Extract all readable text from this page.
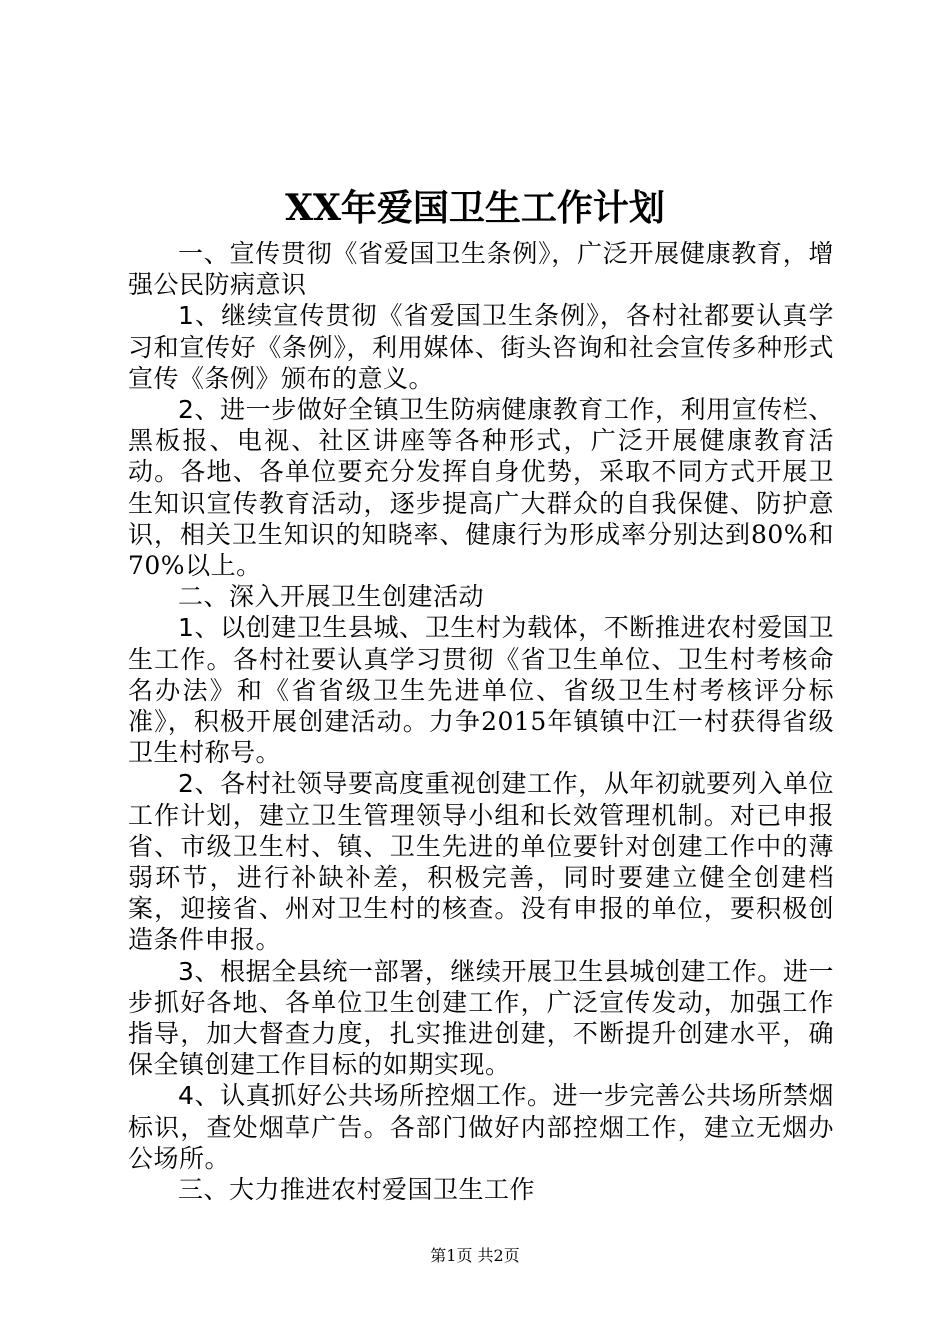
XX年爱国卫生工作计划

一、宣传贯彻《省爱国卫生条例》，广泛开展健康教育，增强公民防病意识

1、继续宣传贯彻《省爱国卫生条例》，各村社都要认真学习和宣传好《条例》，利用媒体、街头咨询和社会宣传多种形式宣传《条例》颁布的意义。

2、进一步做好全镇卫生防病健康教育工作，利用宣传栏、黑板报、电视、社区讲座等各种形式，广泛开展健康教育活动。各地、各单位要充分发挥自身优势，采取不同方式开展卫生知识宣传教育活动，逐步提高广大群众的自我保健、防护意识，相关卫生知识的知晓率、健康行为形成率分别达到80%和70%以上。

二、深入开展卫生创建活动

1、以创建卫生县城、卫生村为载体，不断推进农村爱国卫生工作。各村社要认真学习贯彻《省卫生单位、卫生村考核命名办法》和《省省级卫生先进单位、省级卫生村考核评分标准》，积极开展创建活动。力争2015年镇镇中江一村获得省级卫生村称号。

2、各村社领导要高度重视创建工作，从年初就要列入单位工作计划，建立卫生管理领导小组和长效管理机制。对已申报省、市级卫生村、镇、卫生先进的单位要针对创建工作中的薄弱环节，进行补缺补差，积极完善，同时要建立健全创建档案，迎接省、州对卫生村的核查。没有申报的单位，要积极创造条件申报。

3、根据全县统一部署，继续开展卫生县城创建工作。进一步抓好各地、各单位卫生创建工作，广泛宣传发动，加强工作指导，加大督查力度，扎实推进创建，不断提升创建水平，确保全镇创建工作目标的如期实现。

4、认真抓好公共场所控烟工作。进一步完善公共场所禁烟标识，查处烟草广告。各部门做好内部控烟工作，建立无烟办公场所。

三、大力推进农村爱国卫生工作

第1页 共2页
